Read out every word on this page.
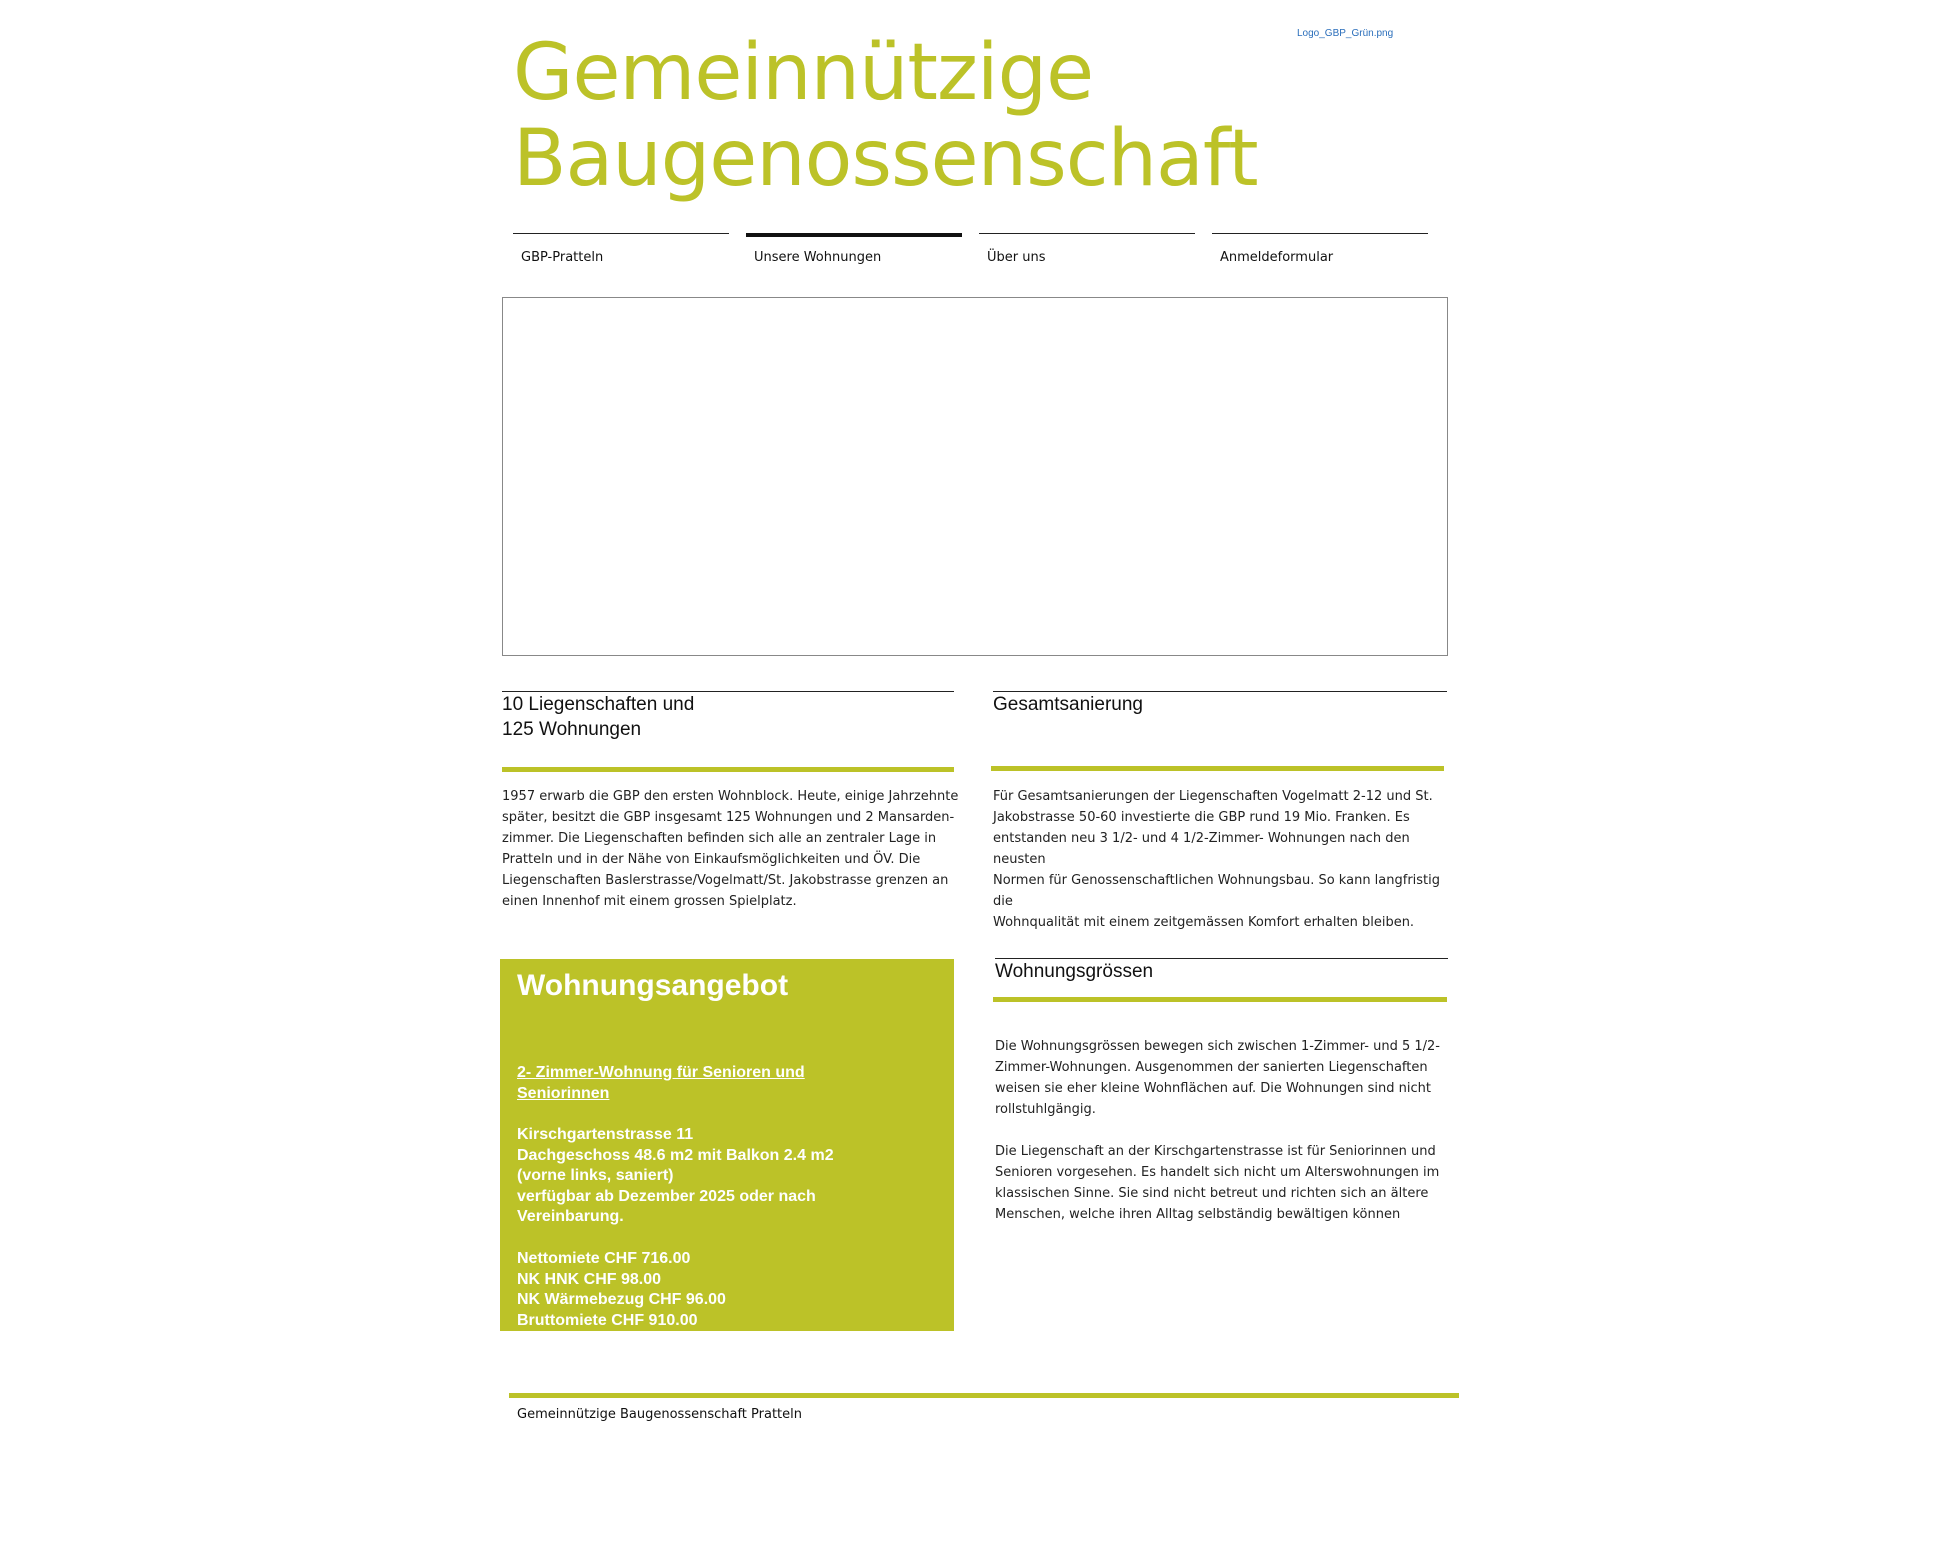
Gemeinnützige
Baugenossenschaft
Logo_GBP_Grün.png
GBP-Pratteln	Unsere Wohnungen	Über uns	Anmeldeformular
10 Liegenschaften und
125 Wohnungen
1957 erwarb die GBP den ersten Wohnblock. Heute, einige Jahrzehnte
später, besitzt die GBP insgesamt 125 Wohnungen und 2 Mansarden-
zimmer. Die Liegenschaften befinden sich alle an zentraler Lage in
Pratteln und in der Nähe von Einkaufsmöglichkeiten und ÖV. Die
Liegenschaften Baslerstrasse/Vogelmatt/St. Jakobstrasse grenzen an
einen Innenhof mit einem grossen Spielplatz.
Gesamtsanierung
Für Gesamtsanierungen der Liegenschaften Vogelmatt 2-12 und St.
Jakobstrasse 50-60 investierte die GBP rund 19 Mio. Franken. Es
entstanden neu 3 1/2- und 4 1/2-Zimmer- Wohnungen nach den neusten
Normen für Genossenschaftlichen Wohnungsbau. So kann langfristig die
Wohnqualität mit einem zeitgemässen Komfort erhalten bleiben.
Wohnungsangebot
2- Zimmer-Wohnung für Senioren und
Seniorinnen
Kirschgartenstrasse 11
Dachgeschoss 48.6 m2 mit Balkon 2.4 m2
(vorne links, saniert)
verfügbar ab Dezember 2025 oder nach
Vereinbarung.
Nettomiete CHF 716.00
NK HNK CHF 98.00
NK Wärmebezug CHF 96.00
Bruttomiete CHF 910.00
Wohnungsgrössen
Die Wohnungsgrössen bewegen sich zwischen 1-Zimmer- und 5 1/2-
Zimmer-Wohnungen. Ausgenommen der sanierten Liegenschaften
weisen sie eher kleine Wohnflächen auf. Die Wohnungen sind nicht
rollstuhlgängig.
Die Liegenschaft an der Kirschgartenstrasse ist für Seniorinnen und
Senioren vorgesehen. Es handelt sich nicht um Alterswohnungen im
klassischen Sinne. Sie sind nicht betreut und richten sich an ältere
Menschen, welche ihren Alltag selbständig bewältigen können
Gemeinnützige Baugenossenschaft Pratteln
